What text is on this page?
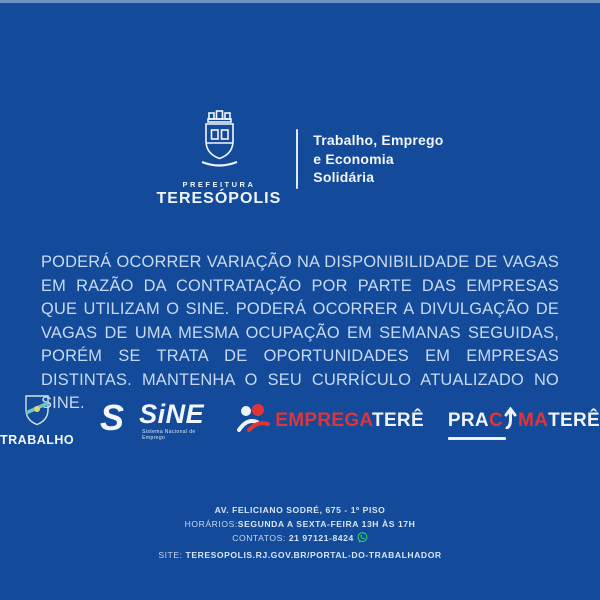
PREFEITURA
TERESÓPOLIS
Trabalho, Emprego
e Economia
Solidária

PODERÁ OCORRER VARIAÇÃO NA DISPONIBILIDADE DE VAGAS EM RAZÃO DA CONTRATAÇÃO POR PARTE DAS EMPRESAS QUE UTILIZAM O SINE. PODERÁ OCORRER A DIVULGAÇÃO DE VAGAS DE UMA MESMA OCUPAÇÃO EM SEMANAS SEGUIDAS, PORÉM SE TRATA DE OPORTUNIDADES EM EMPRESAS DISTINTAS. MANTENHA O SEU CURRÍCULO ATUALIZADO NO SINE.

TRABALHO
S SiNE
Sistema Nacional de Emprego
EMPREGATERÊ PRA C MA TERÊ
AV. FELICIANO SODRÉ, 675 - 1º PISO
HORÁRIOS:SEGUNDA A SEXTA-FEIRA 13H ÀS 17H
CONTATOS: 21 97121-8424
SITE: TERESOPOLIS.RJ.GOV.BR/PORTAL-DO-TRABALHADOR
